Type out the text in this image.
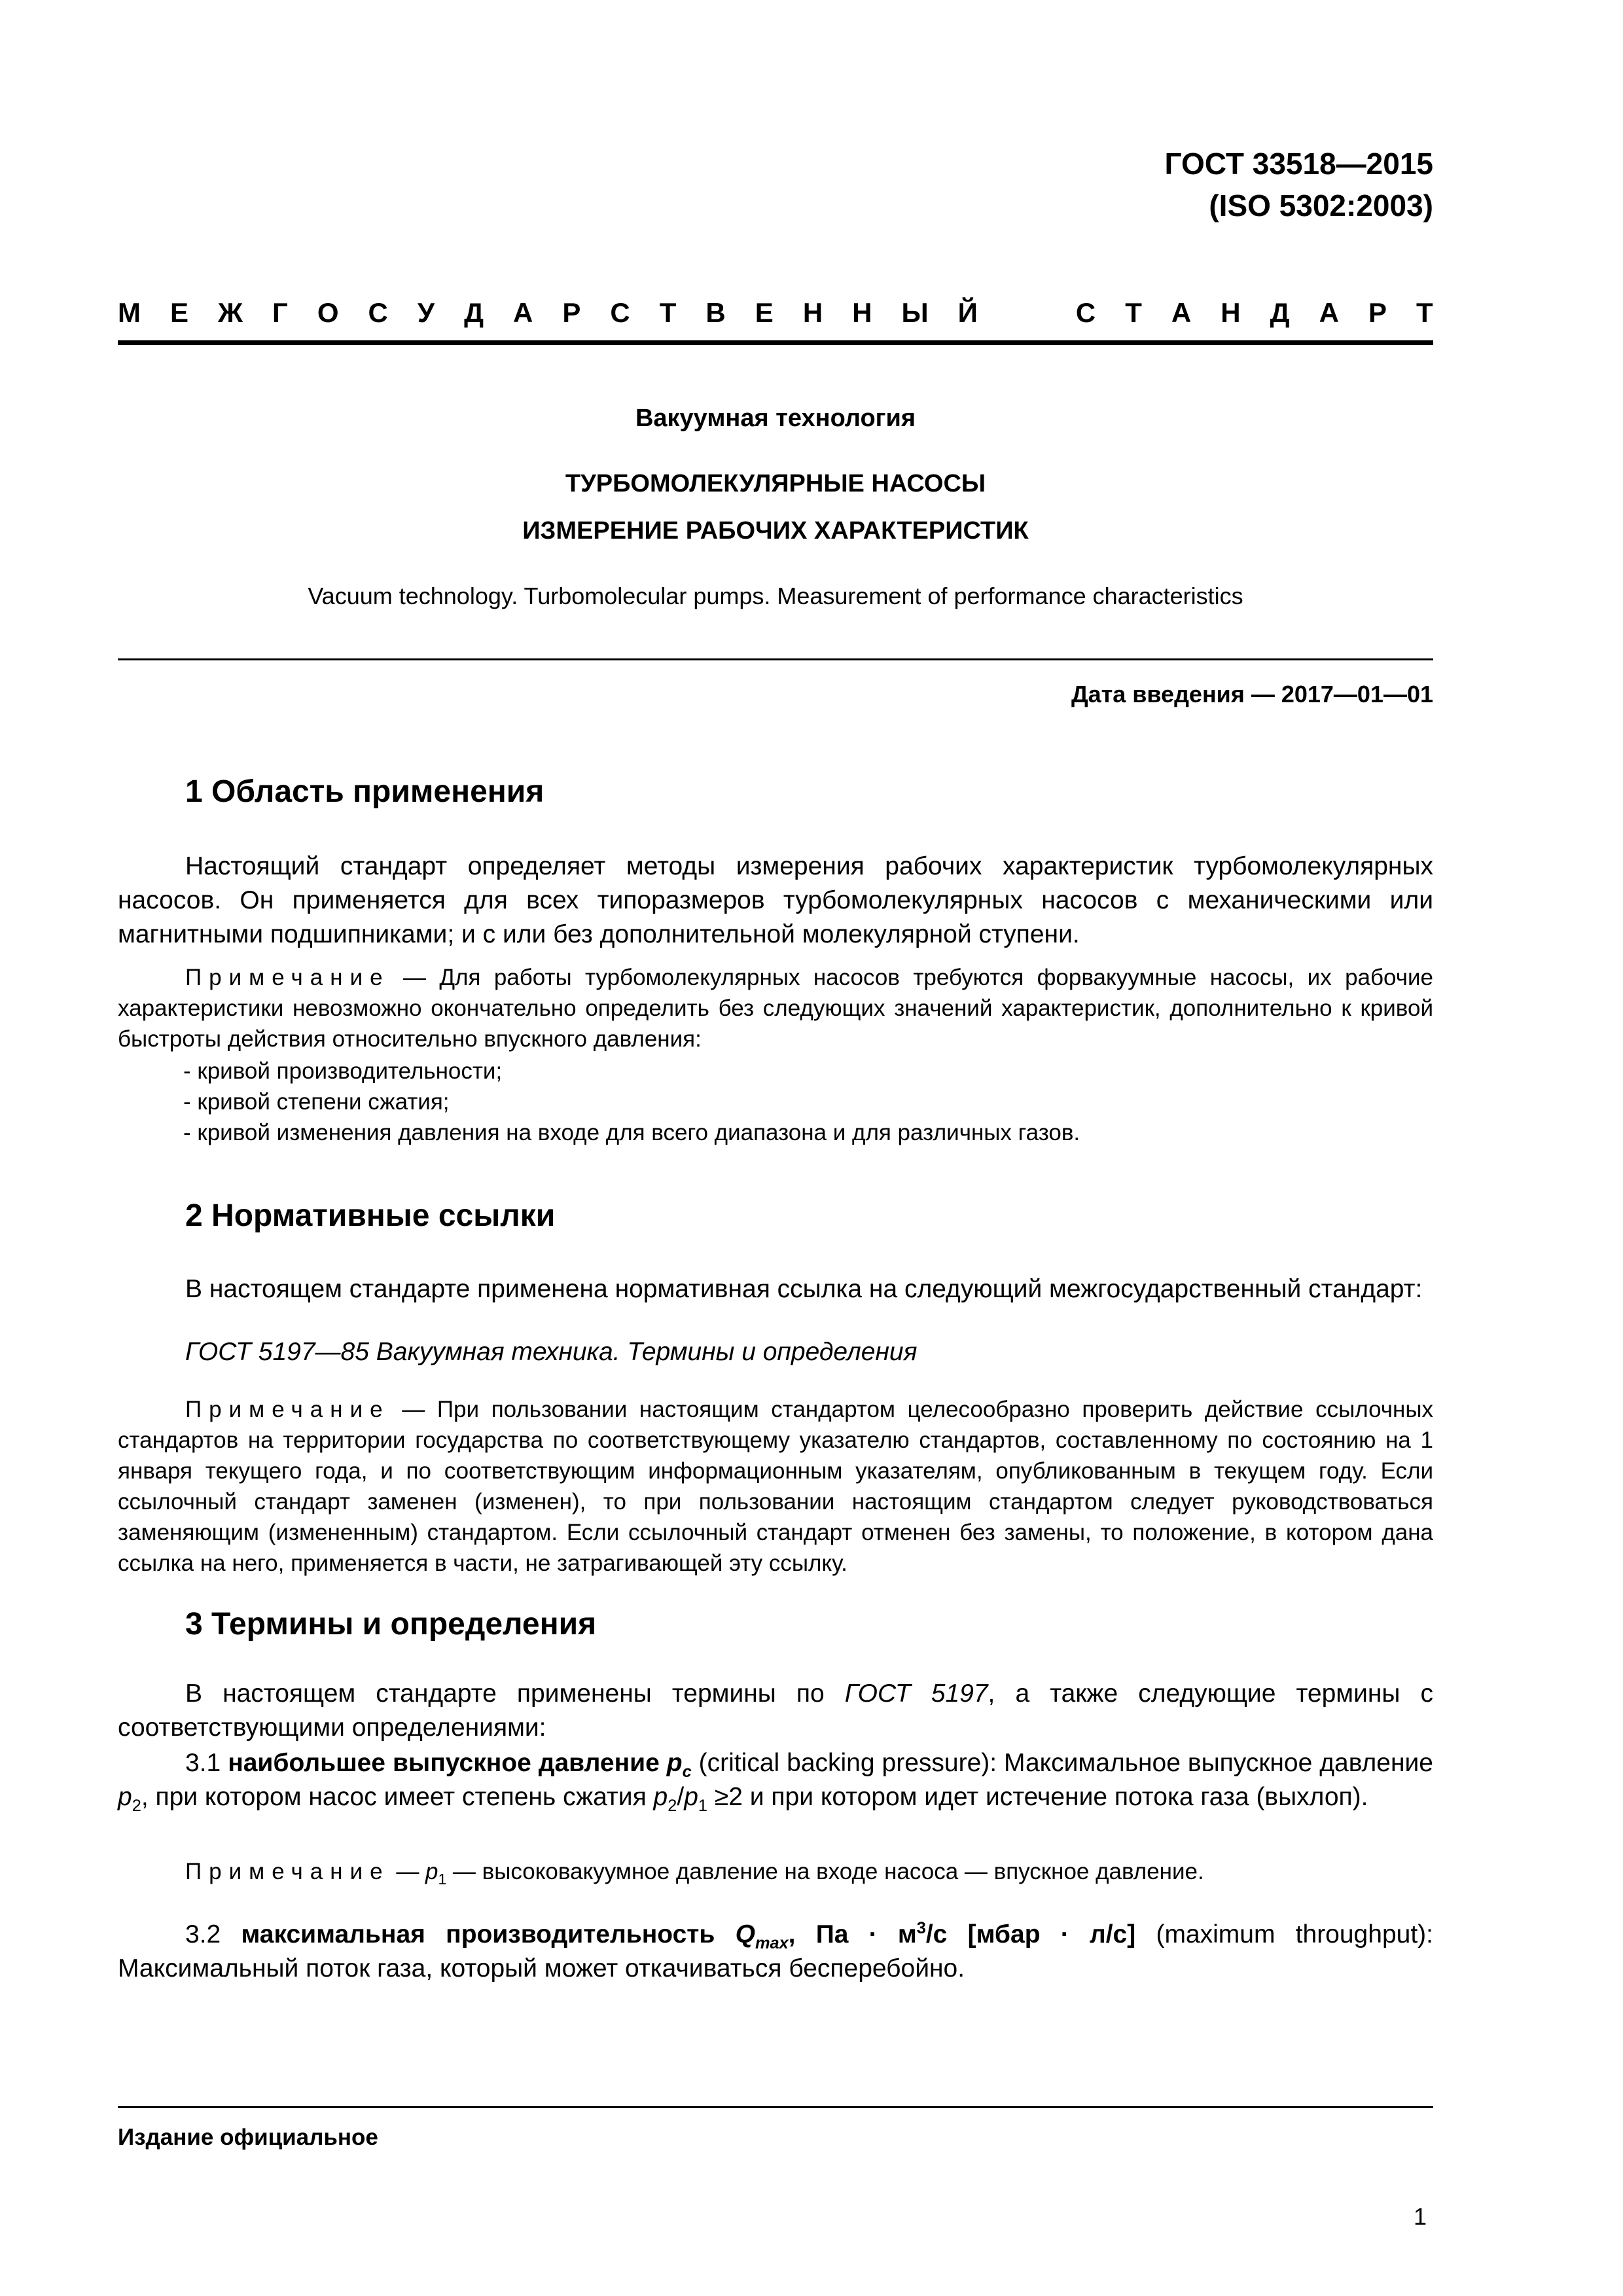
ГОСТ 33518—2015
(ISO 5302:2003)
М Е Ж Г О С У Д А Р С Т В Е Н Н Ы Й	С Т А Н Д А Р Т
Вакуумная технология
ТУРБОМОЛЕКУЛЯРНЫЕ НАСОСЫ
ИЗМЕРЕНИЕ РАБОЧИХ ХАРАКТЕРИСТИК
Vacuum technology. Turbomolecular pumps. Measurement of performance characteristics
Дата введения — 2017—01—01
1 Область применения
Настоящий стандарт определяет методы измерения рабочих характеристик турбомолекулярных насосов. Он применяется для всех типоразмеров турбомолекулярных насосов с механическими или магнитными подшипниками; и с или без дополнительной молекулярной ступени.
Примечание — Для работы турбомолекулярных насосов требуются форвакуумные насосы, их рабочие характеристики невозможно окончательно определить без следующих значений характеристик, дополнительно к кривой быстроты действия относительно впускного давления:
- кривой производительности;
- кривой степени сжатия;
- кривой изменения давления на входе для всего диапазона и для различных газов.
2 Нормативные ссылки
В настоящем стандарте применена нормативная ссылка на следующий межгосударственный стандарт:
ГОСТ 5197—85 Вакуумная техника. Термины и определения
Примечание — При пользовании настоящим стандартом целесообразно проверить действие ссылочных стандартов на территории государства по соответствующему указателю стандартов, составленному по состоянию на 1 января текущего года, и по соответствующим информационным указателям, опубликованным в текущем году. Если ссылочный стандарт заменен (изменен), то при пользовании настоящим стандартом следует руководствоваться заменяющим (измененным) стандартом. Если ссылочный стандарт отменен без замены, то положение, в котором дана ссылка на него, применяется в части, не затрагивающей эту ссылку.
3 Термины и определения
В настоящем стандарте применены термины по ГОСТ 5197, а также следующие термины с соответствующими определениями:
3.1 наибольшее выпускное давление $p_c$ (critical backing pressure): Максимальное выпускное давление $p_2$, при котором насос имеет степень сжатия $p_2/p_1 \ge 2$ и при котором идет истечение потока газа (выхлоп).
Примечание — $p_1$ — высоковакуумное давление на входе насоса — впускное давление.
3.2 максимальная производительность $Q_{max}$, Па · $м^3/с$ [мбар · л/с] (maximum throughput): Максимальный поток газа, который может откачиваться бесперебойно.
Издание официальное
1
